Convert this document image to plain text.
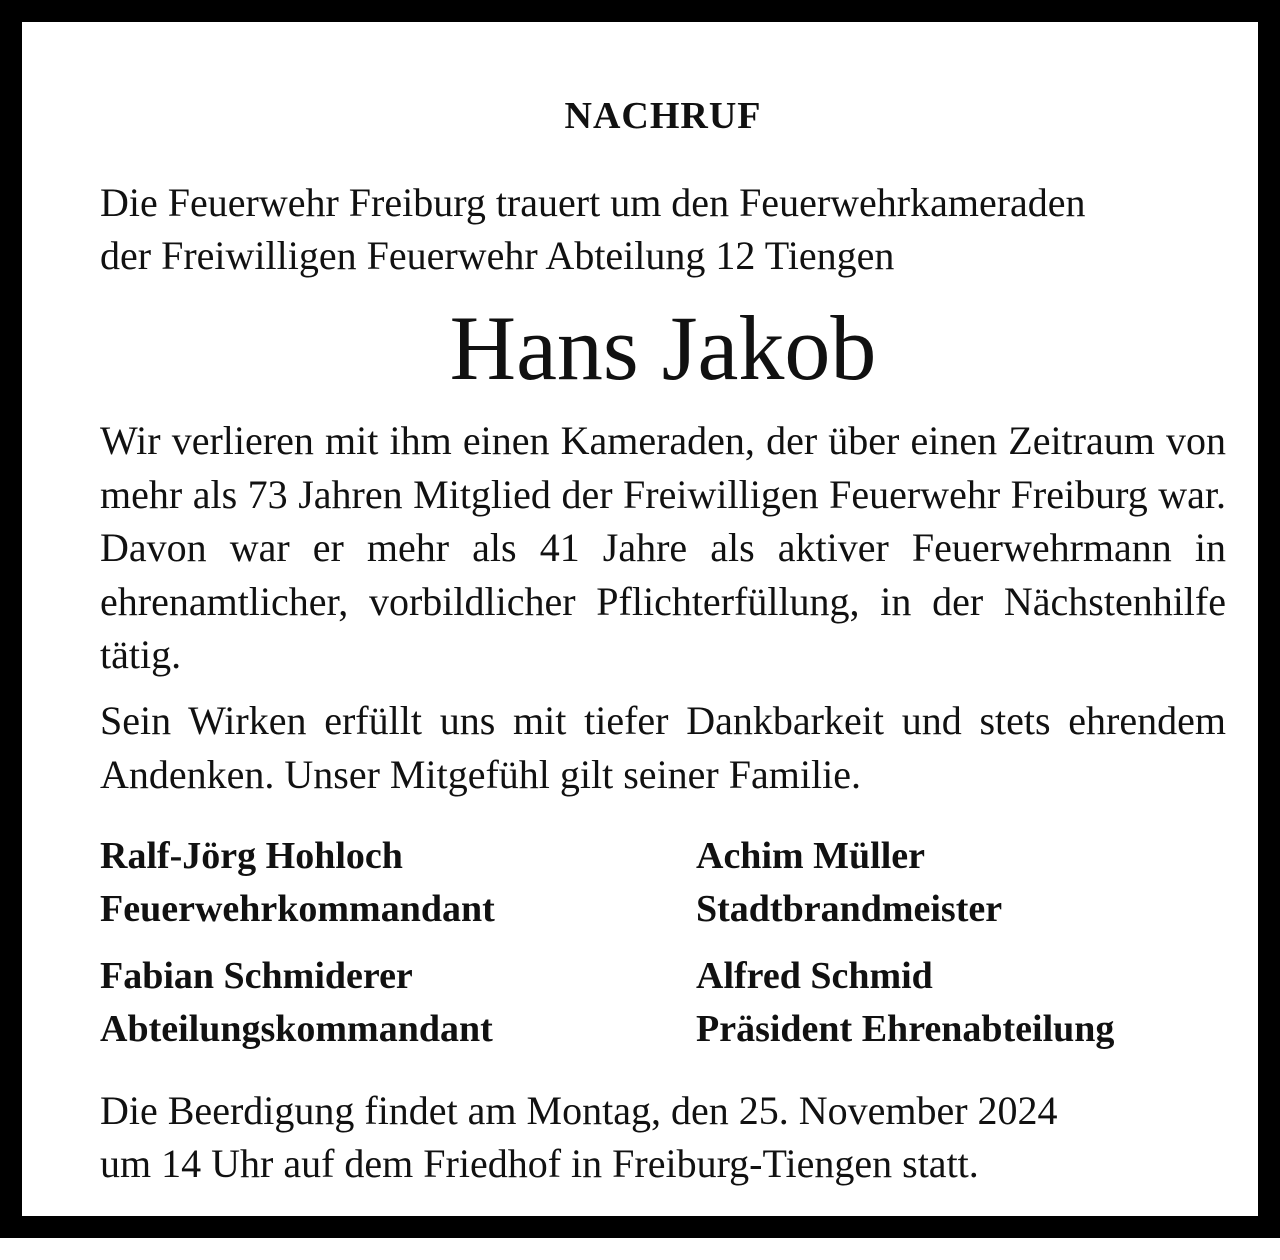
NACHRUF
Die Feuerwehr Freiburg trauert um den Feuerwehrkameraden
der Freiwilligen Feuerwehr Abteilung 12 Tiengen
Hans Jakob
Wir verlieren mit ihm einen Kameraden, der über einen Zeitraum von mehr als 73 Jahren Mitglied der Freiwilligen Feuerwehr Freiburg war. Davon war er mehr als 41 Jahre als aktiver Feuerwehrmann in ehrenamtlicher, vorbildlicher Pflichterfüllung, in der Nächstenhilfe tätig.
Sein Wirken erfüllt uns mit tiefer Dankbarkeit und stets ehrendem Andenken. Unser Mitgefühl gilt seiner Familie.
Ralf-Jörg Hohloch
Feuerwehrkommandant
Achim Müller
Stadtbrandmeister
Fabian Schmiderer
Abteilungskommandant
Alfred Schmid
Präsident Ehrenabteilung
Die Beerdigung findet am Montag, den 25. November 2024
um 14 Uhr auf dem Friedhof in Freiburg-Tiengen statt.
